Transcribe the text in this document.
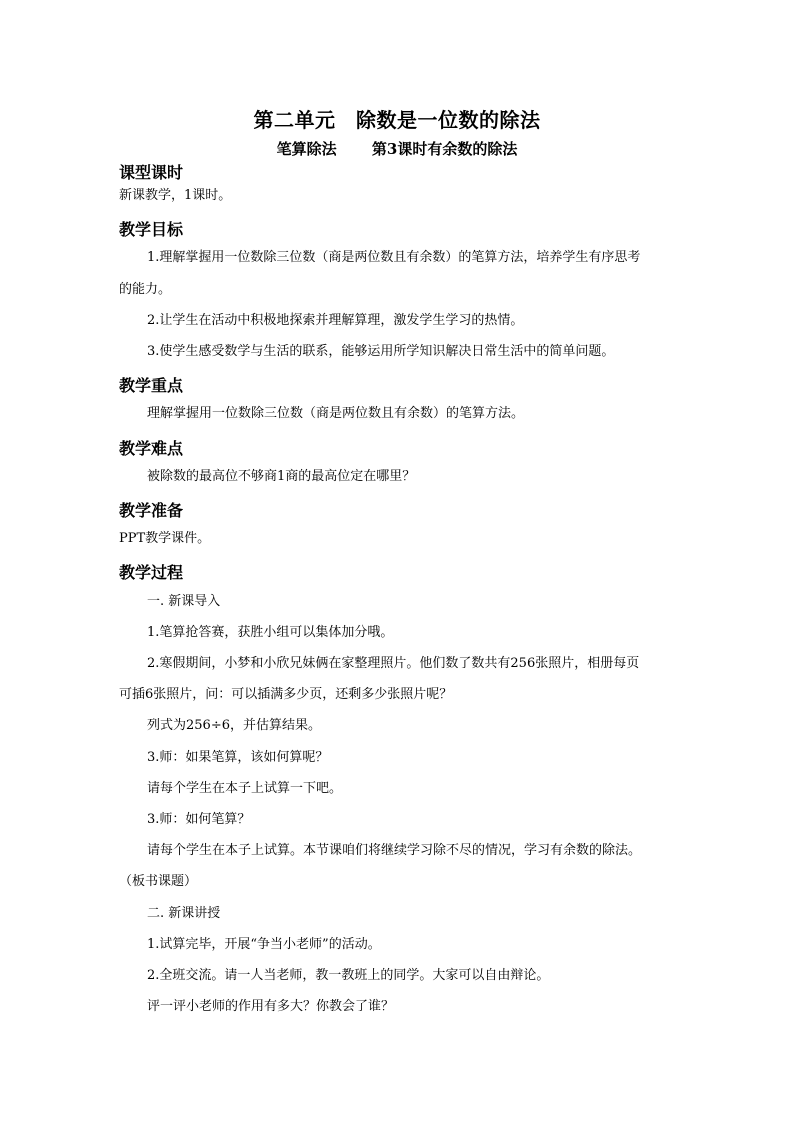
第二单元　除数是一位数的除法
笔算除法 第3课时有余数的除法
课型课时
新课教学，1课时。
教学目标
1.理解掌握用一位数除三位数（商是两位数且有余数）的笔算方法，培养学生有序思考
的能力。
2.让学生在活动中积极地探索并理解算理，激发学生学习的热情。
3.使学生感受数学与生活的联系，能够运用所学知识解决日常生活中的简单问题。
教学重点
理解掌握用一位数除三位数（商是两位数且有余数）的笔算方法。
教学难点
被除数的最高位不够商1商的最高位定在哪里？
教学准备
PPT教学课件。
教学过程
一. 新课导入
1.笔算抢答赛，获胜小组可以集体加分哦。
2.寒假期间，小梦和小欣兄妹俩在家整理照片。他们数了数共有256张照片，相册每页
可插6张照片，问：可以插满多少页，还剩多少张照片呢？
列式为256÷6，并估算结果。
3.师：如果笔算，该如何算呢？
请每个学生在本子上试算一下吧。
3.师：如何笔算？
请每个学生在本子上试算。本节课咱们将继续学习除不尽的情况，学习有余数的除法。
（板书课题）
二. 新课讲授
1.试算完毕，开展“争当小老师”的活动。
2.全班交流。请一人当老师，教一教班上的同学。大家可以自由辩论。
评一评小老师的作用有多大？你教会了谁？
